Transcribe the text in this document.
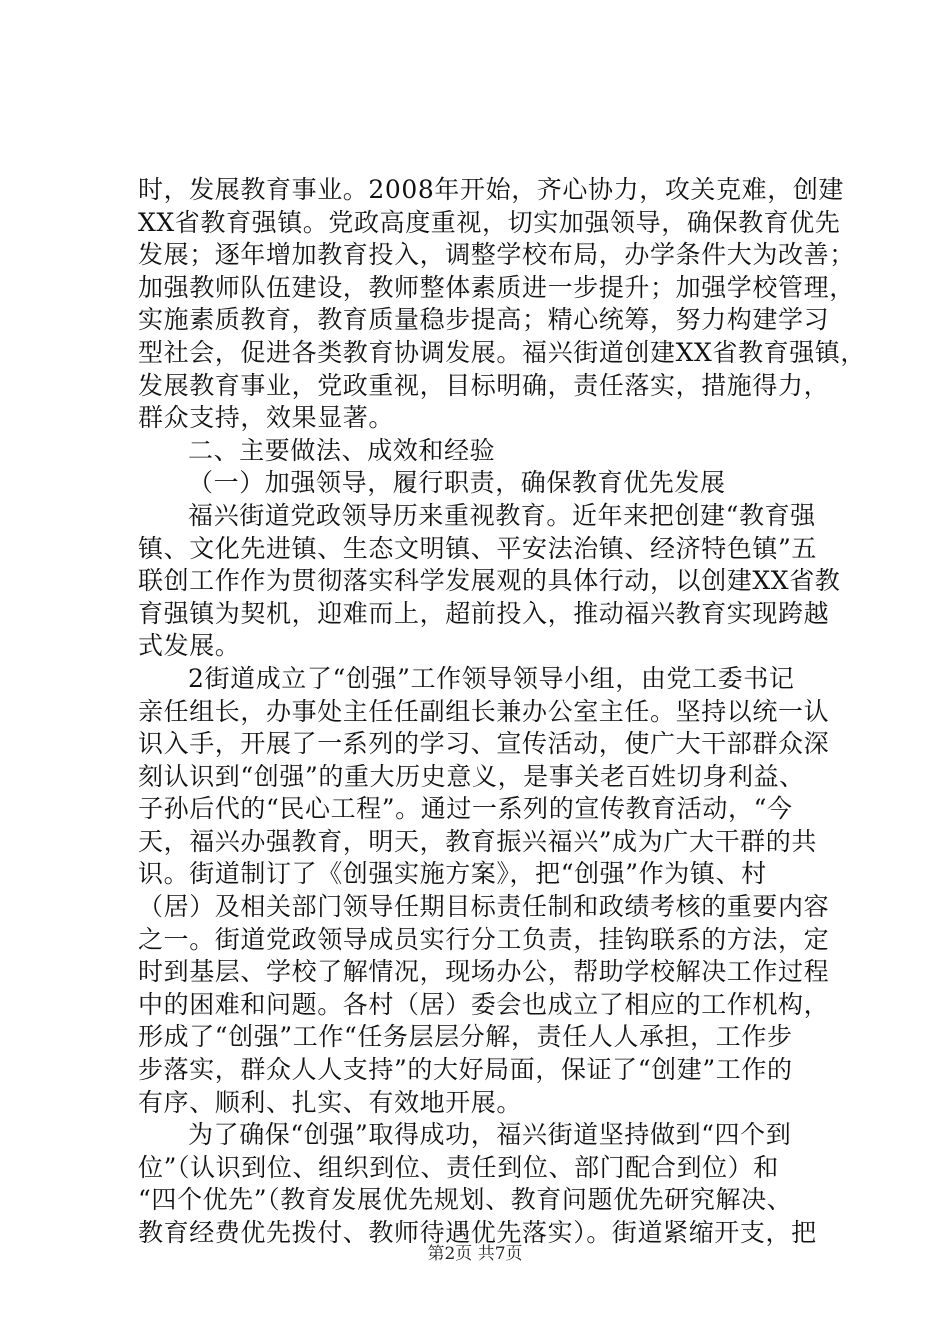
时，发展教育事业。2008年开始，齐心协力，攻关克难，创建
XX省教育强镇。党政高度重视，切实加强领导，确保教育优先
发展；逐年增加教育投入，调整学校布局，办学条件大为改善；
加强教师队伍建设，教师整体素质进一步提升；加强学校管理，
实施素质教育，教育质量稳步提高；精心统筹，努力构建学习
型社会，促进各类教育协调发展。福兴街道创建XX省教育强镇，
发展教育事业，党政重视，目标明确，责任落实，措施得力，
群众支持，效果显著。
二、主要做法、成效和经验
（一）加强领导，履行职责，确保教育优先发展
福兴街道党政领导历来重视教育。近年来把创建“教育强
镇、文化先进镇、生态文明镇、平安法治镇、经济特色镇”五
联创工作作为贯彻落实科学发展观的具体行动，以创建XX省教
育强镇为契机，迎难而上，超前投入，推动福兴教育实现跨越
式发展。
2街道成立了“创强”工作领导领导小组，由党工委书记
亲任组长，办事处主任任副组长兼办公室主任。坚持以统一认
识入手，开展了一系列的学习、宣传活动，使广大干部群众深
刻认识到“创强”的重大历史意义，是事关老百姓切身利益、
子孙后代的“民心工程”。通过一系列的宣传教育活动，“今
天，福兴办强教育，明天，教育振兴福兴”成为广大干群的共
识。街道制订了《创强实施方案》，把“创强”作为镇、村
（居）及相关部门领导任期目标责任制和政绩考核的重要内容
之一。街道党政领导成员实行分工负责，挂钩联系的方法，定
时到基层、学校了解情况，现场办公，帮助学校解决工作过程
中的困难和问题。各村（居）委会也成立了相应的工作机构，
形成了“创强”工作“任务层层分解，责任人人承担，工作步
步落实，群众人人支持”的大好局面，保证了“创建”工作的
有序、顺利、扎实、有效地开展。
为了确保“创强”取得成功，福兴街道坚持做到“四个到
位”（认识到位、组织到位、责任到位、部门配合到位）和
“四个优先”（教育发展优先规划、教育问题优先研究解决、
教育经费优先拨付、教师待遇优先落实）。街道紧缩开支，把
第2页 共7页
